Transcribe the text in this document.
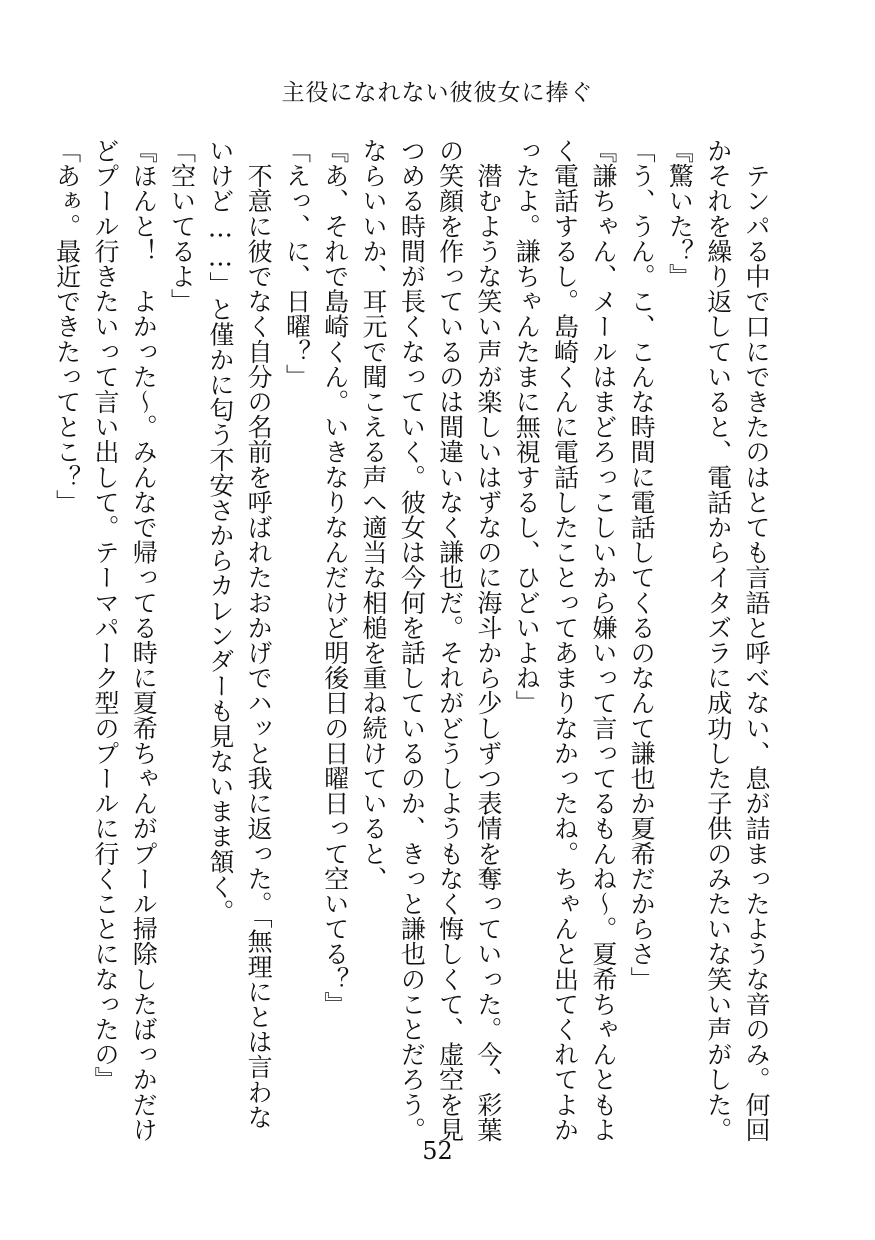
主役になれない彼彼女に捧ぐ
　テンパる中で口にできたのはとても言語と呼べない、息が詰まったような音のみ。何回
かそれを繰り返していると、電話からイタズラに成功した子供のみたいな笑い声がした。
『驚いた？』
「う、うん。こ、こんな時間に電話してくるのなんて謙也か夏希だからさ」
『謙ちゃん、メールはまどろっこしいから嫌いって言ってるもんね～。夏希ちゃんともよ
く電話するし。島崎くんに電話したことってあまりなかったね。ちゃんと出てくれてよか
ったよ。謙ちゃんたまに無視するし、ひどいよね」
　潜むような笑い声が楽しいはずなのに海斗から少しずつ表情を奪っていった。今、彩葉
の笑顔を作っているのは間違いなく謙也だ。それがどうしようもなく悔しくて、虚空を見
つめる時間が長くなっていく。彼女は今何を話しているのか、きっと謙也のことだろう。
ならいいか、耳元で聞こえる声へ適当な相槌を重ね続けていると、
『あ、それで島崎くん。いきなりなんだけど明後日の日曜日って空いてる？』
「えっ、に、日曜？」
　不意に彼でなく自分の名前を呼ばれたおかげでハッと我に返った。「無理にとは言わな
いけど……」と僅かに匂う不安さからカレンダーも見ないまま頷く。
「空いてるよ」
『ほんと！　よかった～。みんなで帰ってる時に夏希ちゃんがプール掃除したばっかだけ
どプール行きたいって言い出して。テーマパーク型のプールに行くことになったの』
「あぁ。最近できたってとこ？」
52
